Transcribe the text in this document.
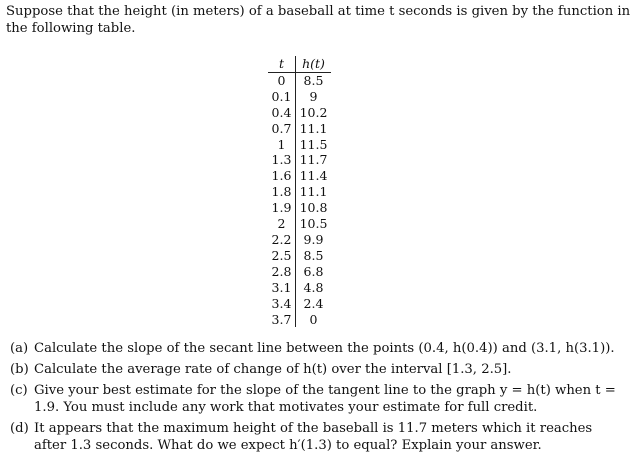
Suppose that the height (in meters) of a baseball at time t seconds is given by the function in the following table.

t	h(t)
0	8.5
0.1	9
0.4	10.2
0.7	11.1
1	11.5
1.3	11.7
1.6	11.4
1.8	11.1
1.9	10.8
2	10.5
2.2	9.9
2.5	8.5
2.8	6.8
3.1	4.8
3.4	2.4
3.7	0
(a) Calculate the slope of the secant line between the points (0.4, h(0.4)) and (3.1, h(3.1)).
(b) Calculate the average rate of change of h(t) over the interval [1.3, 2.5].
(c) Give your best estimate for the slope of the tangent line to the graph y = h(t) when t = 1.9. You must include any work that motivates your estimate for full credit.
(d) It appears that the maximum height of the baseball is 11.7 meters which it reaches after 1.3 seconds. What do we expect h′(1.3) to equal? Explain your answer.
